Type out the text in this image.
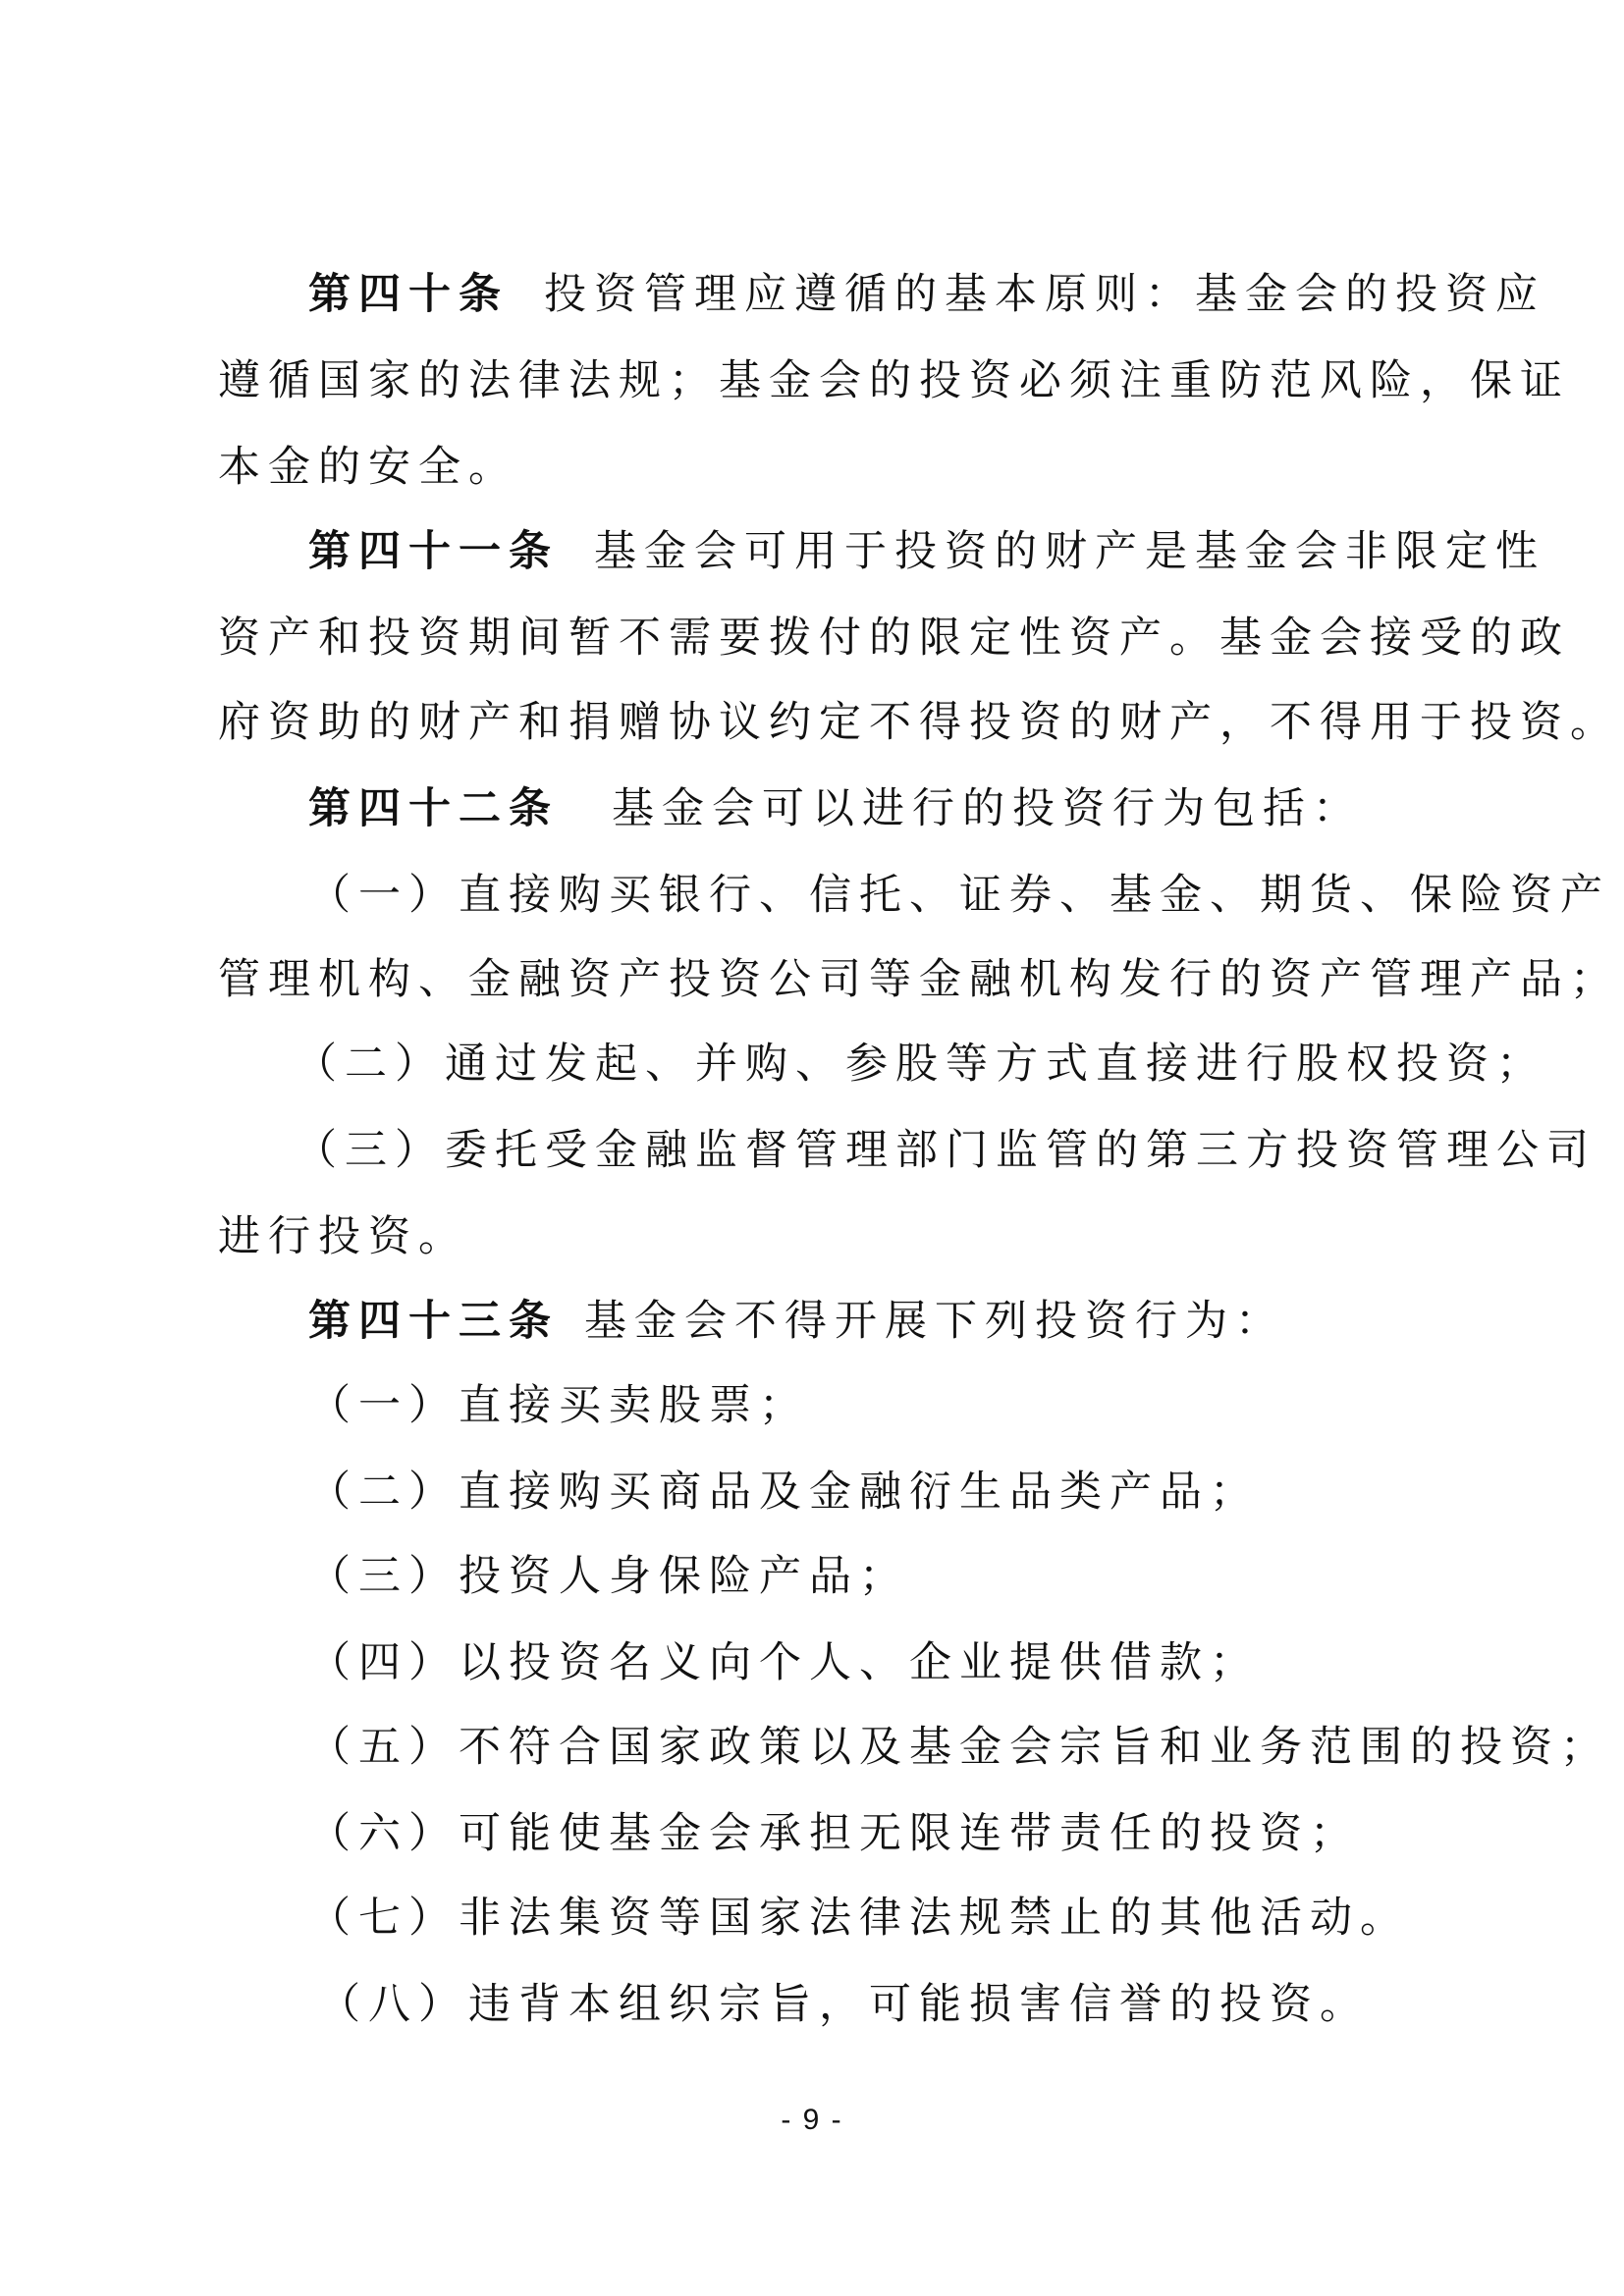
第四十条 投资管理应遵循的基本原则：基金会的投资应
遵循国家的法律法规；基金会的投资必须注重防范风险，保证
本金的安全。
第四十一条 基金会可用于投资的财产是基金会非限定性
资产和投资期间暂不需要拨付的限定性资产。基金会接受的政
府资助的财产和捐赠协议约定不得投资的财产，不得用于投资。
第四十二条 基金会可以进行的投资行为包括：
（一）直接购买银行、信托、证券、基金、期货、保险资产
管理机构、金融资产投资公司等金融机构发行的资产管理产品；
（二）通过发起、并购、参股等方式直接进行股权投资；
（三）委托受金融监督管理部门监管的第三方投资管理公司
进行投资。
第四十三条 基金会不得开展下列投资行为：
（一）直接买卖股票；
（二）直接购买商品及金融衍生品类产品；
（三）投资人身保险产品；
（四）以投资名义向个人、企业提供借款；
（五）不符合国家政策以及基金会宗旨和业务范围的投资；
（六）可能使基金会承担无限连带责任的投资；
（七）非法集资等国家法律法规禁止的其他活动。
（八）违背本组织宗旨，可能损害信誉的投资。
- 9 -
